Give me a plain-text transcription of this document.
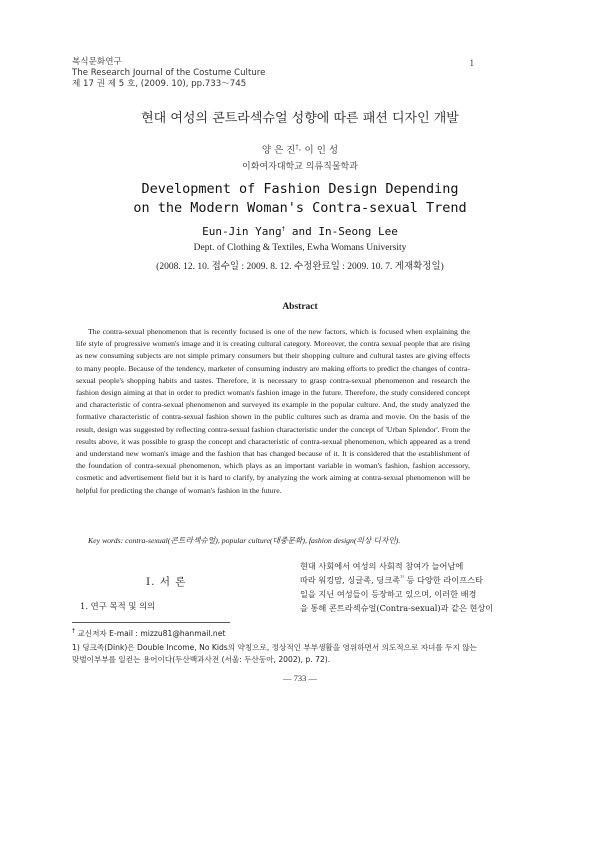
복식문화연구
The Research Journal of the Costume Culture
제 17 권 제 5 호, (2009. 10), pp.733～745
1
현대 여성의 콘트라섹슈얼 성향에 따른 패션 디자인 개발
양 은 진†· 이 인 성
이화여자대학교 의류직물학과
Development of Fashion Design Depending
on the Modern Woman's Contra-sexual Trend
Eun-Jin Yang† and In-Seong Lee
Dept. of Clothing & Textiles, Ewha Womans University
(2008. 12. 10. 접수일 : 2009. 8. 12. 수정완료일 : 2009. 10. 7. 게재확정일)
Abstract
The contra-sexual phenomenon that is recently focused is one of the new factors, which is focused when explaining the life style of progressive women's image and it is creating cultural category. Moreover, the contra sexual people that are rising as new consuming subjects are not simple primary consumers but their shopping culture and cultural tastes are giving effects to many people. Because of the tendency, marketer of consuming industry are making efforts to predict the changes of contra-sexual people's shopping habits and tastes. Therefore, it is necessary to grasp contra-sexual phenomenon and research the fashion design aiming at that in order to predict woman's fashion image in the future. Therefore, the study considered concept and characteristic of contra-sexual phenomenon and surveyed its example in the popular culture. And, the study analyzed the formative characteristic of contra-sexual fashion shown in the public cultures such as drama and movie. On the basis of the result, design was suggested by reflecting contra-sexual fashion characteristic under the concept of 'Urban Splendor'. From the results above, it was possible to grasp the concept and characteristic of contra-sexual phenomenon, which appeared as a trend and understand new woman's image and the fashion that has changed because of it. It is considered that the establishment of the foundation of contra-sexual phenomenon, which plays as an important variable in woman's fashion, fashion accessory, cosmetic and advertisement field but it is hard to clarify, by analyzing the work aiming at contra-sexual phenomenon will be helpful for predicting the change of woman's fashion in the future.
Key words: contra-sexual(콘트라섹슈얼), popular culture(대중문화), fashion design(의상 디자인).
Ⅰ. 서 론
1. 연구 목적 및 의의
현대 사회에서 여성의 사회적 참여가 늘어남에
따라 워킹맘, 싱글족, 딩크족$^{^{1)}}$ 등 다양한 라이프스타
일을 지닌 여성들이 등장하고 있으며, 이러한 배경
을 통해 콘트라섹슈얼(Contra-sexual)과 같은 현상이
† 교신저자 E-mail : mizzu81@hanmail.net
1) 딩크족(Dink)은 Double Income, No Kids의 약칭으로, 정상적인 부부생활을 영위하면서 의도적으로 자녀를 두지 않는 맞벌이부부를 일컫는 용어이다(두산백과사전 (서울: 두산동아, 2002), p. 72).
― 733 ―
